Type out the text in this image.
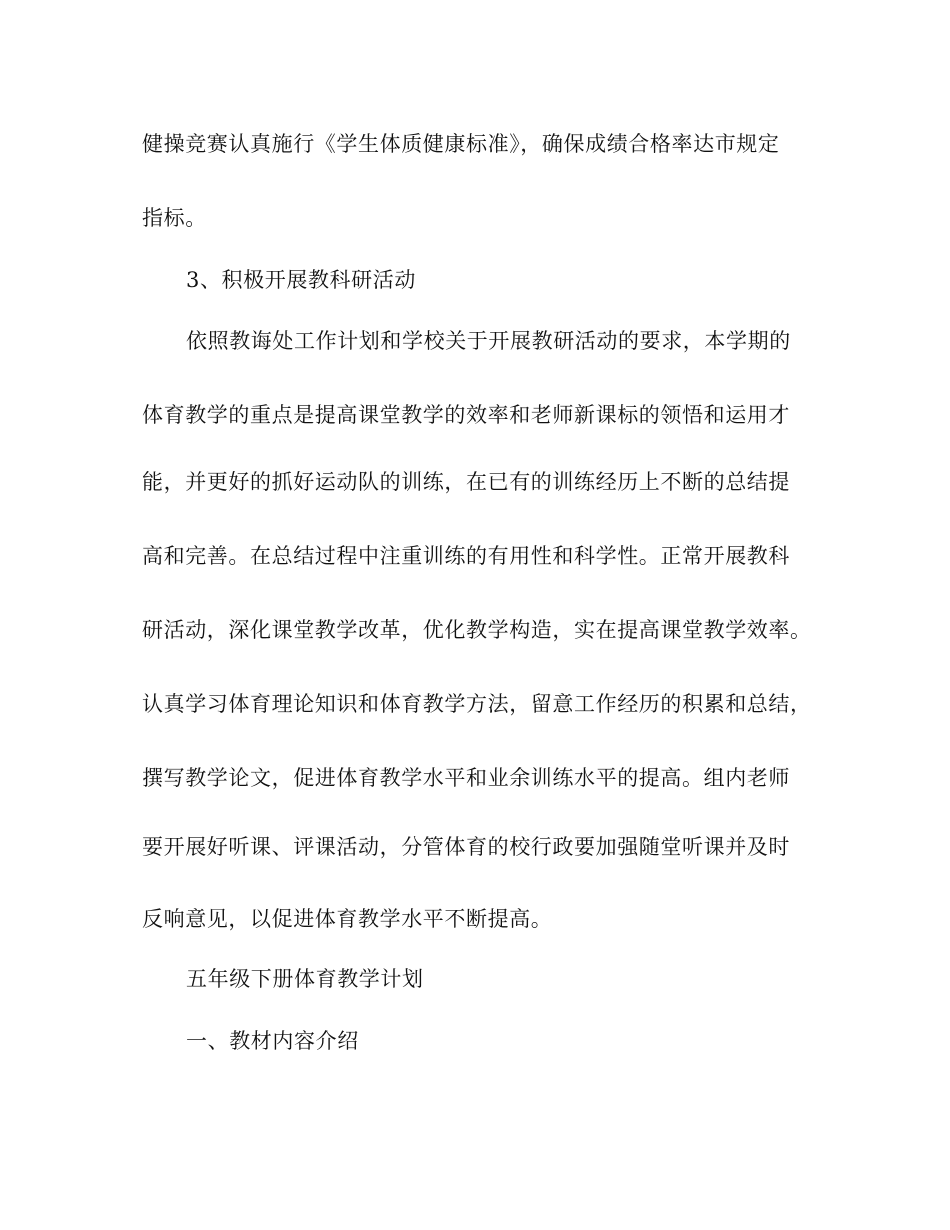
健操竞赛认真施行《学生体质健康标准》，确保成绩合格率达市规定
指标。
3、积极开展教科研活动
依照教诲处工作计划和学校关于开展教研活动的要求，本学期的
体育教学的重点是提高课堂教学的效率和老师新课标的领悟和运用才
能，并更好的抓好运动队的训练，在已有的训练经历上不断的总结提
高和完善。在总结过程中注重训练的有用性和科学性。正常开展教科
研活动，深化课堂教学改革，优化教学构造，实在提高课堂教学效率。
认真学习体育理论知识和体育教学方法，留意工作经历的积累和总结，
撰写教学论文，促进体育教学水平和业余训练水平的提高。组内老师
要开展好听课、评课活动，分管体育的校行政要加强随堂听课并及时
反响意见，以促进体育教学水平不断提高。
五年级下册体育教学计划
一、教材内容介绍
